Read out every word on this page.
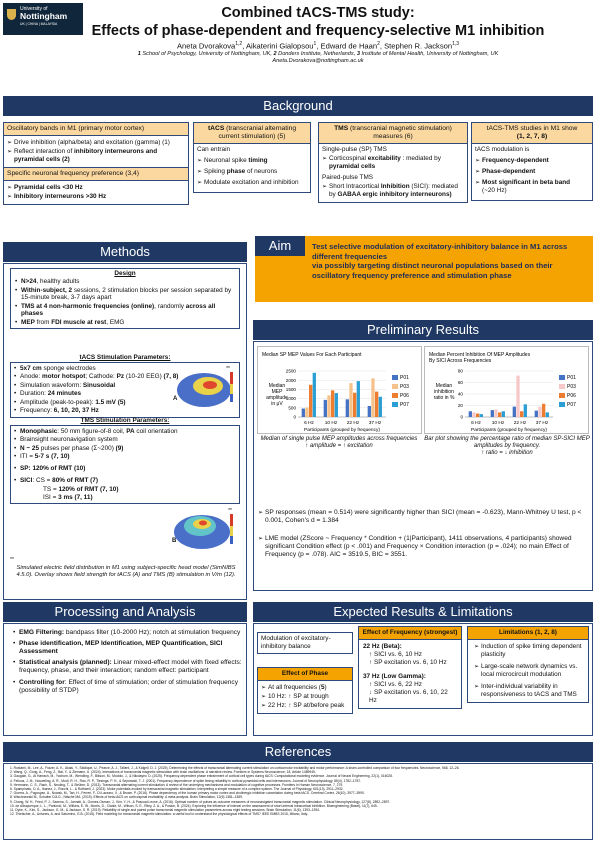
University of
Nottingham
UK | CHINA | MALAYSIA
Combined tACS-TMS study:
Effects of phase-dependent and frequency-selective M1 inhibition
Aneta Dvorakova$^{1,2}$, Aikaterini Gialopsou$^1$, Edward de Haan$^2$, Stephen R. Jackson$^{1,3}$
1 School of Psychology, University of Nottingham, UK, 2 Donders Institute, Netherlands, 3 Institute of Mental Health, University of Nottingham, UK
Aneta.Dvorakova@nottingham.ac.uk
Background
Oscillatory bands in M1 (primary motor cortex)
➢ Drive inhibition (alpha/beta) and excitation (gamma) (1)
➢ Reflect interaction of inhibitory interneurons and pyramidal cells (2)
Specific neuronal frequency preference (3,4)
➢ Pyramidal cells <30 Hz
➢ Inhibitory interneurons >30 Hz
tACS (transcranial alternating current stimulation) (5)
Can entrain
➢ Neuronal spike timing
➢ Spiking phase of neurons
➢ Modulate excitation and inhibition
TMS (transcranial magnetic stimulation) measures (6)
Single-pulse (SP) TMS
➢ Corticospinal excitability : mediated by pyramidal cells
Paired-pulse TMS
➢ Short Intracortical Inhibition (SICI): mediated by GABAA ergic inhibitory interneurons)
tACS-TMS studies in M1 show
(1, 2, 7, 8)
tACS modulation is
➢ Frequency-dependent
➢ Phase-dependent
➢ Most significant in beta band
(~20 Hz)
Methods
Design
• N>24, healthy adults
• Within-subject, 2 sessions, 2 stimulation blocks per session separated by 15-minute break, 3-7 days apart
• TMS at 4 non-harmonic frequencies (online), randomly across all phases
• MEP from FDI muscle at rest, EMG
tACS Stimulation Parameters:
• 5x7 cm sponge electrodes
• Anode: motor hotspot; Cathode: Pz (10-20 EEG) (7, 8)
• Simulation waveform: Sinusoidal
• Duration: 24 minutes
• Amplitude (peak-to-peak): 1.5 mV (5)
• Frequency: 6, 10, 20, 37 Hz
A
**
TMS Stimulation Parameters:
• Monophasic: 50 mm figure-of-8 coil, PA coil orientation
• Brainsight neuronavigation system
• N ~ 25 pulses per phase (Σ~200) (9)
• ITI = 5-7 s (7, 10)
• SP: 120% of RMT (10)
• SICI: CS = 80% of RMT (7)
TS = 120% of RMT (7, 10)
ISI = 3 ms (7, 11)
B
**
**
Simulated electric field distribution in M1 using subject-specific head model (SimNIBS 4.5.0). Overlay shows field strength for tACS (A) and TMS (B) stimulation in V/m (12).
Aim	Test selective modulation of excitatory-inhibitory balance in M1 across different frequencies
via possibly targeting distinct neuronal populations based on their oscillatory frequency preference and stimulation phase
Preliminary Results
Median SP MEP Values For Each Participant
Median
MEP
amplitude
in μV
0
500
1000
1500
2000
2500
6 Hz 10 Hz 22 Hz 37 Hz
Participants (grouped by frequency)
P01
P03
P06
P07
Median Percent Inhibition Of MEP Amplitudes
By SICI Across Frequencies
Median
inhibition
ratio in %
0
20
40
60
80
6 Hz 10 Hz 22 Hz 37 Hz
Participants (grouped by frequency)
P01
P03
P06
P07
Median of single pulse MEP amplitudes across frequencies
↑ amplitude = ↑ excitation
Bar plot showing the percentage ratio of median SP-SICI MEP amplitudes by frequency.
↑ ratio = ↓ inhibition
➢ SP responses (mean = 0.514) were significantly higher than SICI (mean = -0.623), Mann-Whitney U test, p < 0.001, Cohen's d = 1.384
➢ LME model (ZScore ~ Frequency * Condition + (1|Participant), 1411 observations, 4 participants) showed significant Condition effect (p < .001) and Frequency × Condition interaction (p = .024); no main Effect of Frequency (p = .078). AIC = 3519.5, BIC = 3551.
Processing and Analysis
• EMG Filtering: bandpass filter (10-2000 Hz); notch at stimulation frequency
• Phase identification, MEP Identification, MEP Quantification, SICI Assessment
• Statistical analysis (planned): Linear mixed-effect model with fixed effects: frequency, phase, and their interaction; random effect: participant
• Controlling for: Effect of time of stimulation; order of stimulation frequency (possibility of STDP)
Expected Results & Limitations
Modulation of excitatory-inhibitory balance
Effect of Phase
➢ At all frequencies (5)
➢ 10 Hz: ↑ SP at trough
➢ 22 Hz: ↑ SP at/before peak
Effect of Frequency (strongest)
22 Hz (Beta):
↑ SICI vs. 6, 10 Hz
↑ SP excitation vs. 6, 10 Hz
37 Hz (Low Gamma):
↑ SICI vs. 6, 22 Hz
↓ SP excitation vs. 6, 10, 22 Hz
Limitations (1, 2, 8)
➢ Induction of spike timing dependent plasticity
➢ Large-scale network dynamics vs. local microcircuit modulation
➢ Inter-individual variability in responsiveness to tACS and TMS
References
1. Rostami, M., Lee, A., Frazer, A. K., Akalu, Y., Siddique, U., Pearce, A. J., Tallent, J., & Kidgell, D. J. (2025). Determining the effects of transcranial alternating current stimulation on corticomotor excitability and motor performance: A sham-controlled comparison of four frequencies. Neuroscience, 568, 12–26.
2. Wang, Q., Gong, A., Feng, Z., Bai, Y., & Ziemann, U. (2024). Interactions of transcranial magnetic stimulation with brain oscillations: A narrative review. Frontiers in Systems Neuroscience, 18, Article 1489949.
3. Gaugain, G., Al Harrach, M., Yochum, M., Wendling, F., Bikson, M., Modolo, J., & Nikolayev, D. (2025). Frequency-dependent phase entrainment of cortical cell types during tACS: Computational modeling evidence. Journal of Neural Engineering, 22(1), 016028.
4. Fellous, J. M., Houweling, A. R., Modi, R. H., Rao, R. P., Tiesinga, P. H., & Sejnowski, T. J. (2001). Frequency dependence of spike timing reliability in cortical pyramidal cells and interneurons. Journal of Neurophysiology, 85(4), 1782–1787.
5. Herrmann, C. S., Rach, S., Neuling, T., & Strüber, D. (2013). Transcranial alternating current stimulation: A review of the underlying mechanisms and modulation of cognitive processes. Frontiers in Human Neuroscience, 7, 279.
6. Spampinato, D. A., Ibanez, J., Rocchi, L., & Rothwell, J. (2023). Motor potentials evoked by transcranial magnetic stimulation: Interpreting a simple measure of a complex system. The Journal of Physiology, 601(13), 2911–2932.
7. Guerra, A., Pogosyan, A., Nowak, M., Tan, H., Ferreri, F., Di Lazzaro, V., & Brown, P. (2016). Phase dependency of the human primary motor cortex and cholinergic inhibition cancelation during beta tACS. Cerebral Cortex, 26(10), 3977–3990.
8. Wischnewski M., Schutter DJLG., Nitsche MA. (2019). Effects of beta-tACS on corticospinal excitability: A meta-analysis. Brain Stimulation, 12(6) 1381–1389.
9. Chang, W. H., Fried, P. J., Saxena, S., Jannati, A., Gomes-Osman, J., Kim, Y.-H., & Pascual-Leone, A. (2016). Optimal number of pulses as outcome measures of neuronavigated transcranial magnetic stimulation. Clinical Neurophysiology, 127(8), 2892–2897.
10. de Albuquerque, L. L., Pantović, M., Wilkins, E. W., Morris, D., Clarke, M., Wilson, S. E., Riley, Z. A., & Poston, B. (2024). Exploring the influence of interval on the assessment of short-interval intracortical inhibition. Bioengineering (Basel), 11(7), 645.
11. Dyke, K., Kim, S., Jackson, G. M., & Jackson, S. R. (2019). Reliability of single and paired pulse transcranial magnetic stimulation parameters across eight testing sessions. Brain Stimulation, 11(6), 1393–1394.
12. Thielscher, A., Antunes, A. and Saturnino, G.B. (2015). Field modeling for transcranial magnetic stimulation: a useful tool to understand the physiological effects of TMS? IEEE EMBS 2015, Milano, Italy.
